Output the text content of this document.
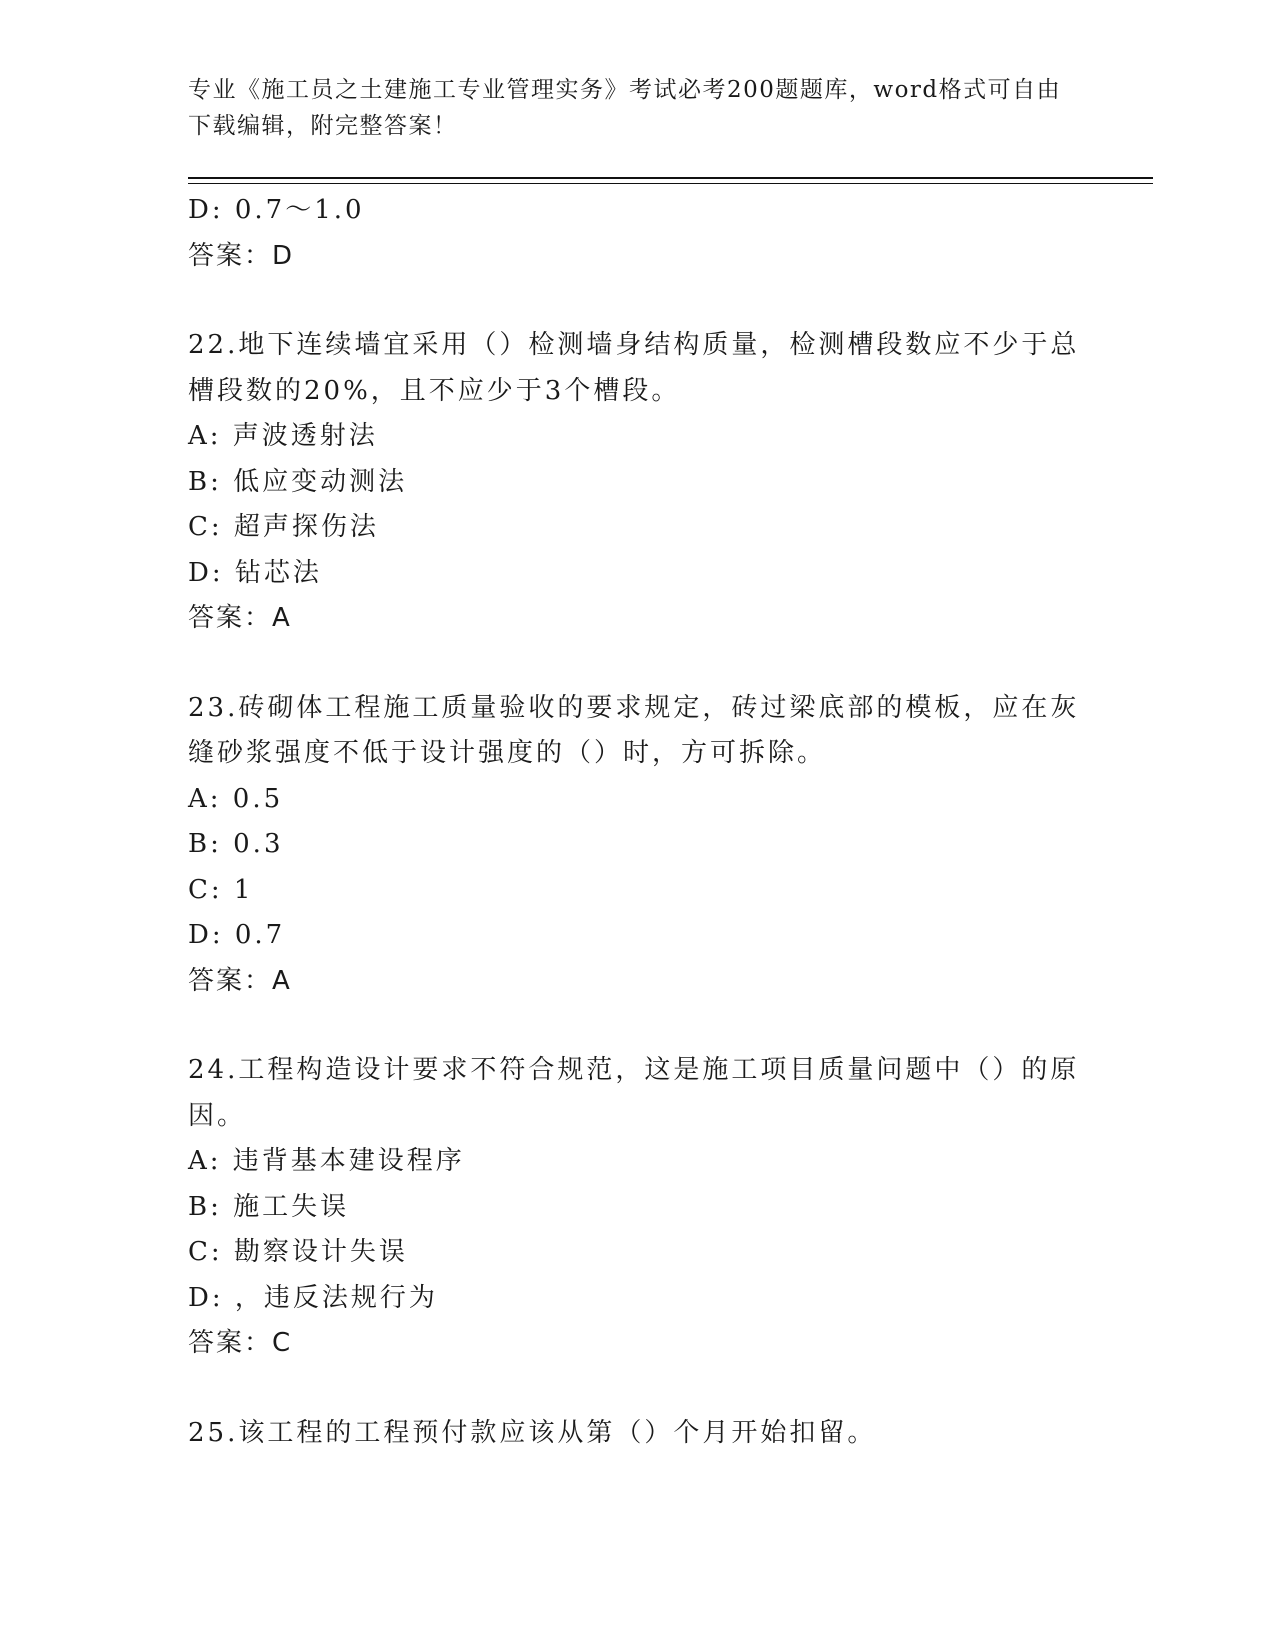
专业《施工员之土建施工专业管理实务》考试必考200题题库，word格式可自由
下载编辑，附完整答案！
D: 0.7～1.0
答案：D
22.地下连续墙宜采用（）检测墙身结构质量，检测槽段数应不少于总
槽段数的20%，且不应少于3个槽段。
A: 声波透射法
B: 低应变动测法
C: 超声探伤法
D: 钻芯法
答案：A
23.砖砌体工程施工质量验收的要求规定，砖过梁底部的模板，应在灰
缝砂浆强度不低于设计强度的（）时，方可拆除。
A: 0.5
B: 0.3
C: 1
D: 0.7
答案：A
24.工程构造设计要求不符合规范，这是施工项目质量问题中（）的原
因。
A: 违背基本建设程序
B: 施工失误
C: 勘察设计失误
D: ，违反法规行为
答案：C
25.该工程的工程预付款应该从第（）个月开始扣留。
